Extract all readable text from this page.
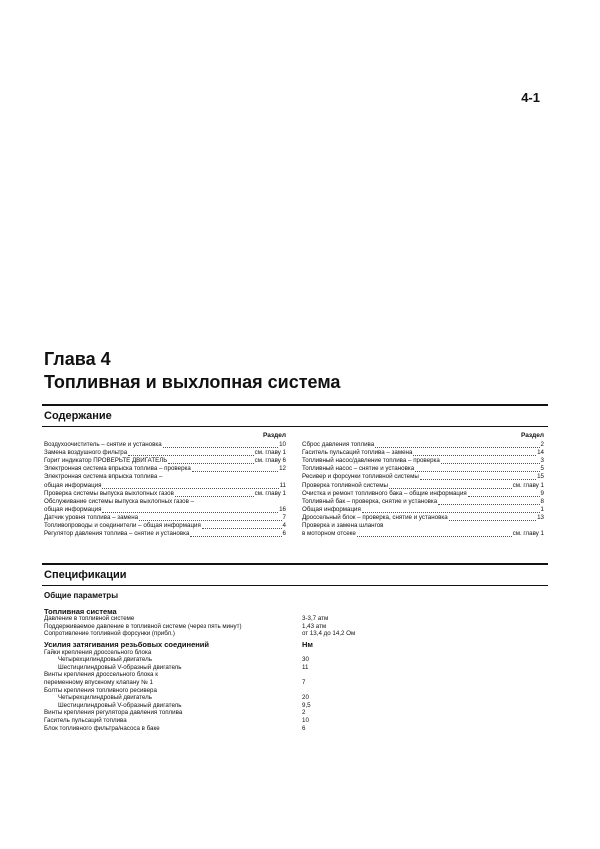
4-1
Глава 4
Топливная и выхлопная система
Содержание
Раздел
Воздухоочиститель – снятие и установка	10
Замена воздушного фильтра	см. главу 1
Горит индикатор ПРОВЕРЬТЕ ДВИГАТЕЛЬ	см. главу 6
Электронная система впрыска топлива – проверка	12
Электронная система впрыска топлива –
общая информация	11
Проверка системы выпуска выхлопных газов	см. главу 1
Обслуживание системы выпуска выхлопных газов –
общая информация	16
Датчик уровня топлива – замена	7
Топливопроводы и соединители – общая информация	4
Регулятор давления топлива – снятие и установка	6
Раздел
Сброс давления топлива	2
Гаситель пульсаций топлива – замена	14
Топливный насос/давление топлива – проверка	3
Топливный насос – снятие и установка	5
Ресивер и форсунки топливной системы	15
Проверка топливной системы	см. главу 1
Очистка и ремонт топливного бака – общие информация	9
Топливный бак – проверка, снятие и установка	8
Общая информация	1
Дроссельный блок – проверка, снятие и установка	13
Проверка и замена шлангов
в моторном отсеке	см. главу 1
Спецификации
Общие параметры
Топливная система
Давление в топливной системе	3-3,7 атм
Поддерживаемое давление в топливной системе (через пять минут)	1,43 атм
Сопротивление топливной форсунки (прибл.)	от 13,4 до 14,2 Ом
Усилия затягивания резьбовых соединений	Нм
Гайки крепления дроссельного блока
Четырехцилиндровый двигатель	30
Шестицилиндровый V-образный двигатель	11
Винты крепления дроссельного блока к
переменному впускному клапану № 1	7
Болты крепления топливного ресивера
Четырехцилиндровый двигатель	20
Шестицилиндровый V-образный двигатель	9,5
Винты крепления регулятора давления топлива	2
Гаситель пульсаций топлива	10
Блок топливного фильтра/насоса в баке	6
